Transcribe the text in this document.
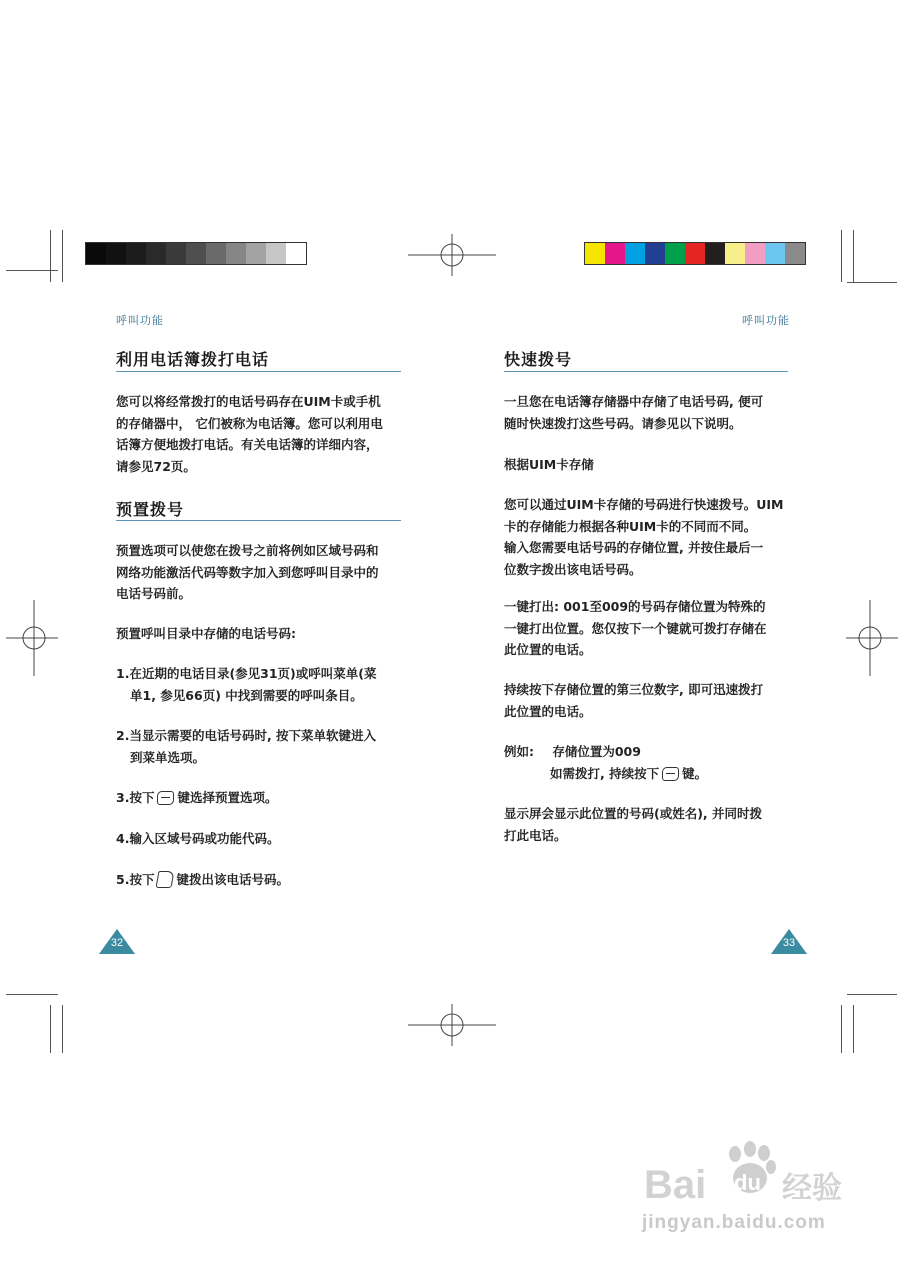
呼叫功能
利用电话簿拨打电话
您可以将经常拨打的电话号码存在UIM卡或手机
的存储器中， 它们被称为电话簿。您可以利用电
话簿方便地拨打电话。有关电话簿的详细内容，
请参见72页。
预置拨号
预置选项可以使您在拨号之前将例如区域号码和
网络功能激活代码等数字加入到您呼叫目录中的
电话号码前。
预置呼叫目录中存储的电话号码:
1.在近期的电话目录(参见31页)或呼叫菜单(菜
单1, 参见66页) 中找到需要的呼叫条目。
2.当显示需要的电话号码时, 按下菜单软键进入
到菜单选项。
3.按下 键选择预置选项。
4.输入区域号码或功能代码。
5.按下 键拨出该电话号码。
32
呼叫功能
快速拨号
一旦您在电话簿存储器中存储了电话号码, 便可
随时快速拨打这些号码。请参见以下说明。
根据UIM卡存储
您可以通过UIM卡存储的号码进行快速拨号。UIM
卡的存储能力根据各种UIM卡的不同而不同。
输入您需要电话号码的存储位置, 并按住最后一
位数字拨出该电话号码。
一键打出: 001至009的号码存储位置为特殊的
一键打出位置。您仅按下一个键就可拨打存储在
此位置的电话。
持续按下存储位置的第三位数字, 即可迅速拨打
此位置的电话。
例如: 存储位置为009
如需拨打, 持续按下 键。
显示屏会显示此位置的号码(或姓名), 并同时拨
打此电话。
33
Bai du 经验
jingyan.baidu.com
